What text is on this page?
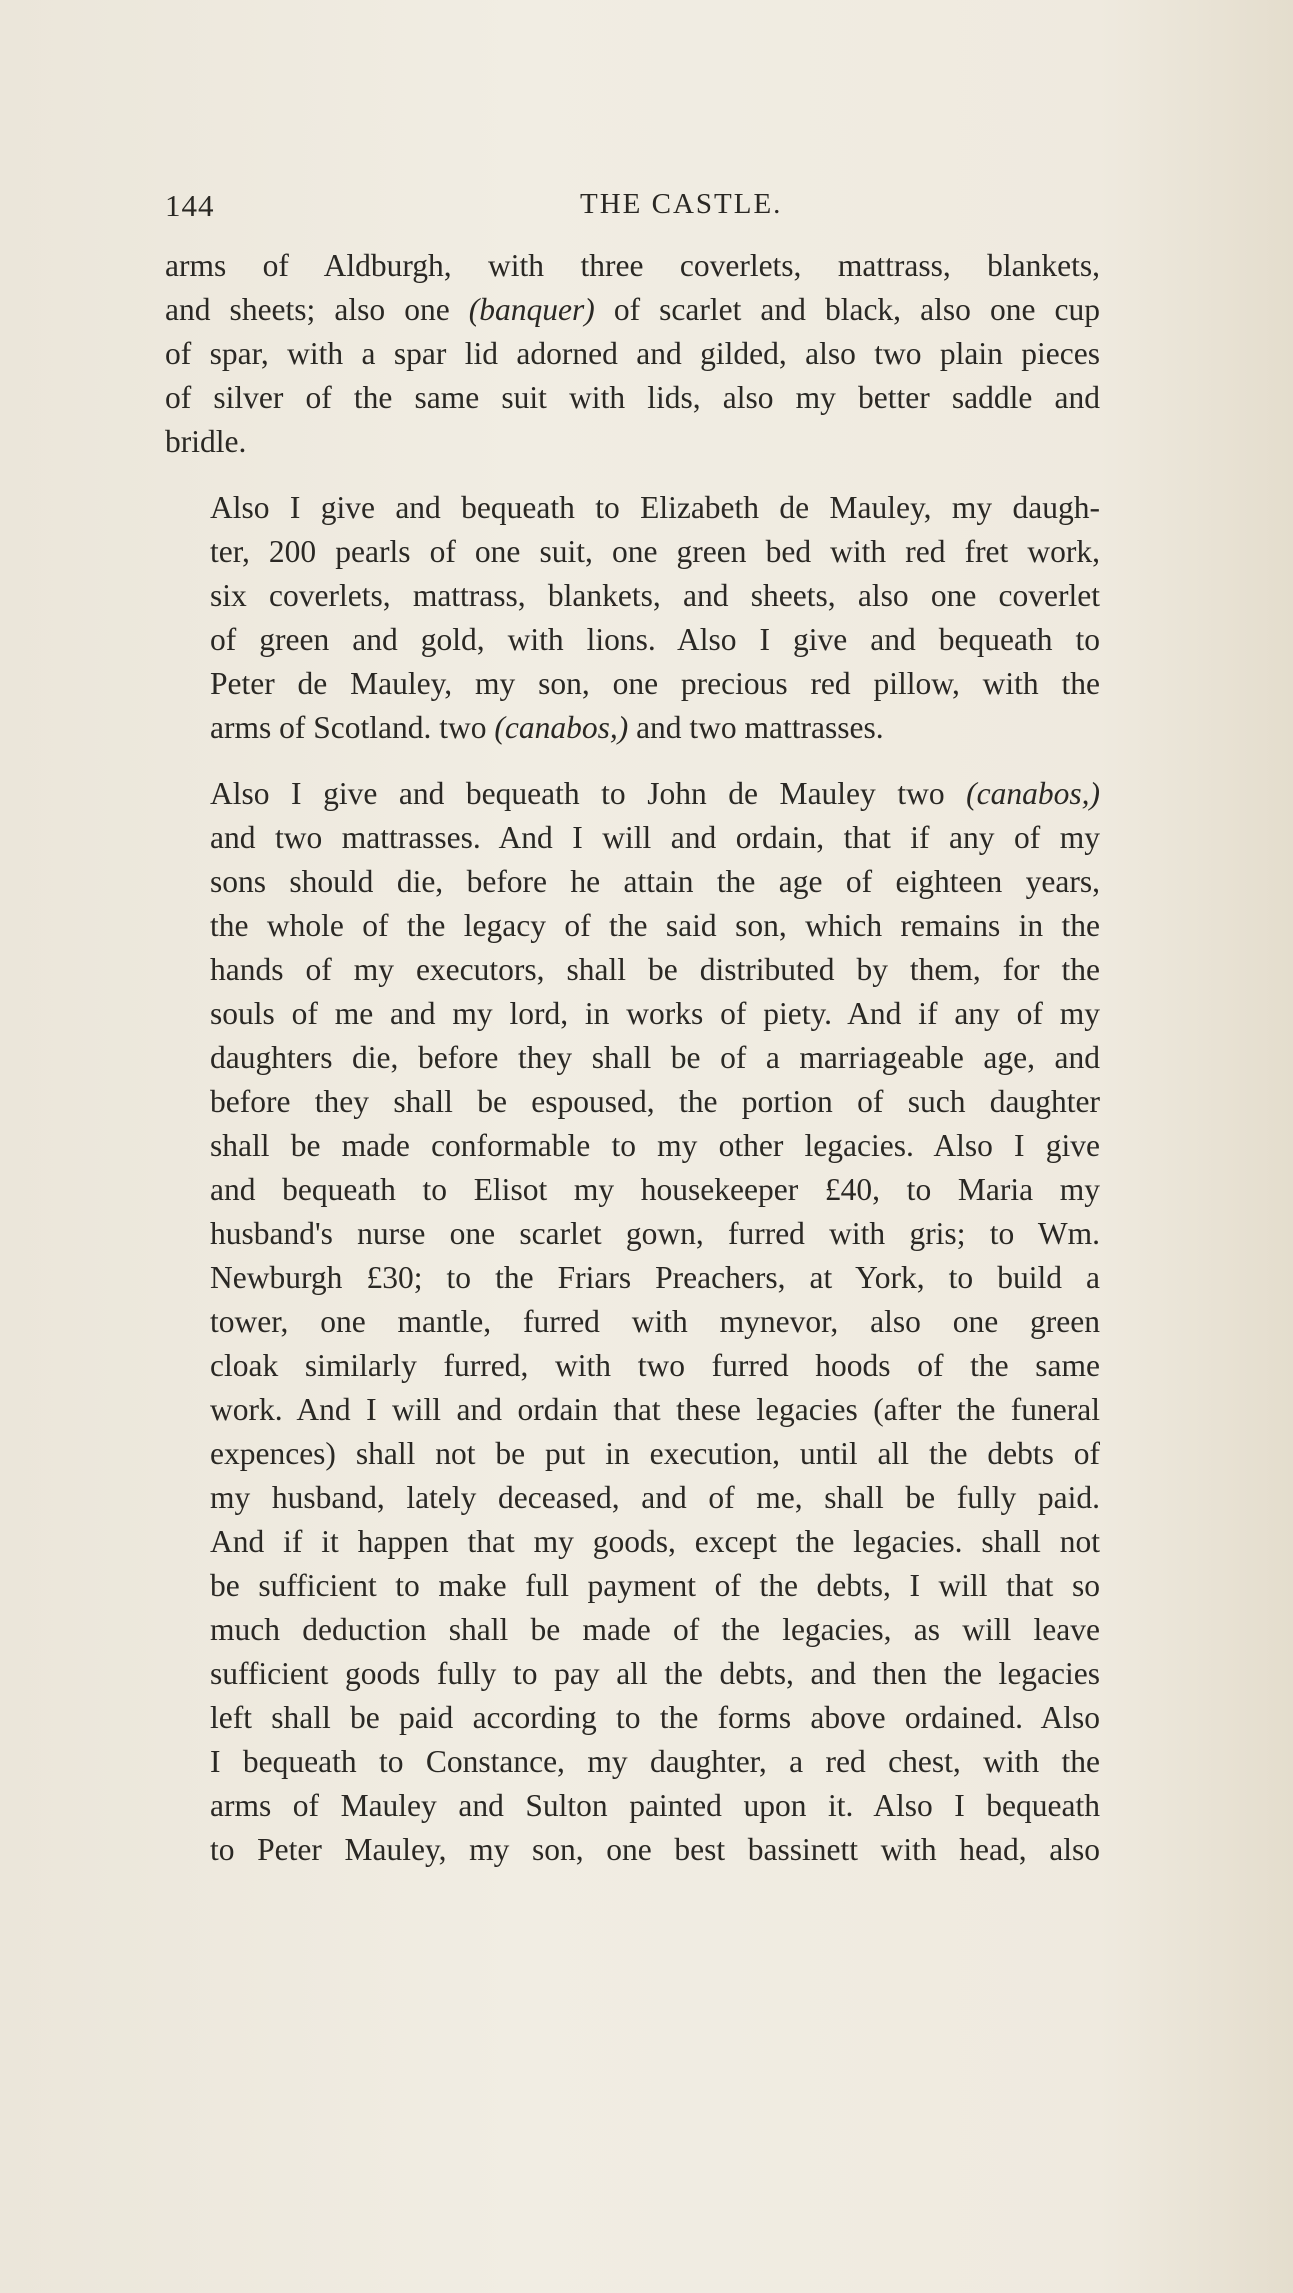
144	THE CASTLE.

arms of Aldburgh, with three coverlets, mattrass, blankets,
and sheets; also one (banquer) of scarlet and black, also one cup
of spar, with a spar lid adorned and gilded, also two plain pieces
of silver of the same suit with lids, also my better saddle and
bridle.

Also I give and bequeath to Elizabeth de Mauley, my daugh-
ter, 200 pearls of one suit, one green bed with red fret work,
six coverlets, mattrass, blankets, and sheets, also one coverlet
of green and gold, with lions. Also I give and bequeath to
Peter de Mauley, my son, one precious red pillow, with the
arms of Scotland. two (canabos,) and two mattrasses.

Also I give and bequeath to John de Mauley two (canabos,)
and two mattrasses. And I will and ordain, that if any of my
sons should die, before he attain the age of eighteen years,
the whole of the legacy of the said son, which remains in the
hands of my executors, shall be distributed by them, for the
souls of me and my lord, in works of piety. And if any of my
daughters die, before they shall be of a marriageable age, and
before they shall be espoused, the portion of such daughter
shall be made conformable to my other legacies. Also I give
and bequeath to Elisot my housekeeper £40, to Maria my
husband's nurse one scarlet gown, furred with gris; to Wm.
Newburgh £30; to the Friars Preachers, at York, to build a
tower, one mantle, furred with mynevor, also one green
cloak similarly furred, with two furred hoods of the same
work. And I will and ordain that these legacies (after the funeral
expences) shall not be put in execution, until all the debts of
my husband, lately deceased, and of me, shall be fully paid.
And if it happen that my goods, except the legacies. shall not
be sufficient to make full payment of the debts, I will that so
much deduction shall be made of the legacies, as will leave
sufficient goods fully to pay all the debts, and then the legacies
left shall be paid according to the forms above ordained. Also
I bequeath to Constance, my daughter, a red chest, with the
arms of Mauley and Sulton painted upon it. Also I bequeath
to Peter Mauley, my son, one best bassinett with head, also
